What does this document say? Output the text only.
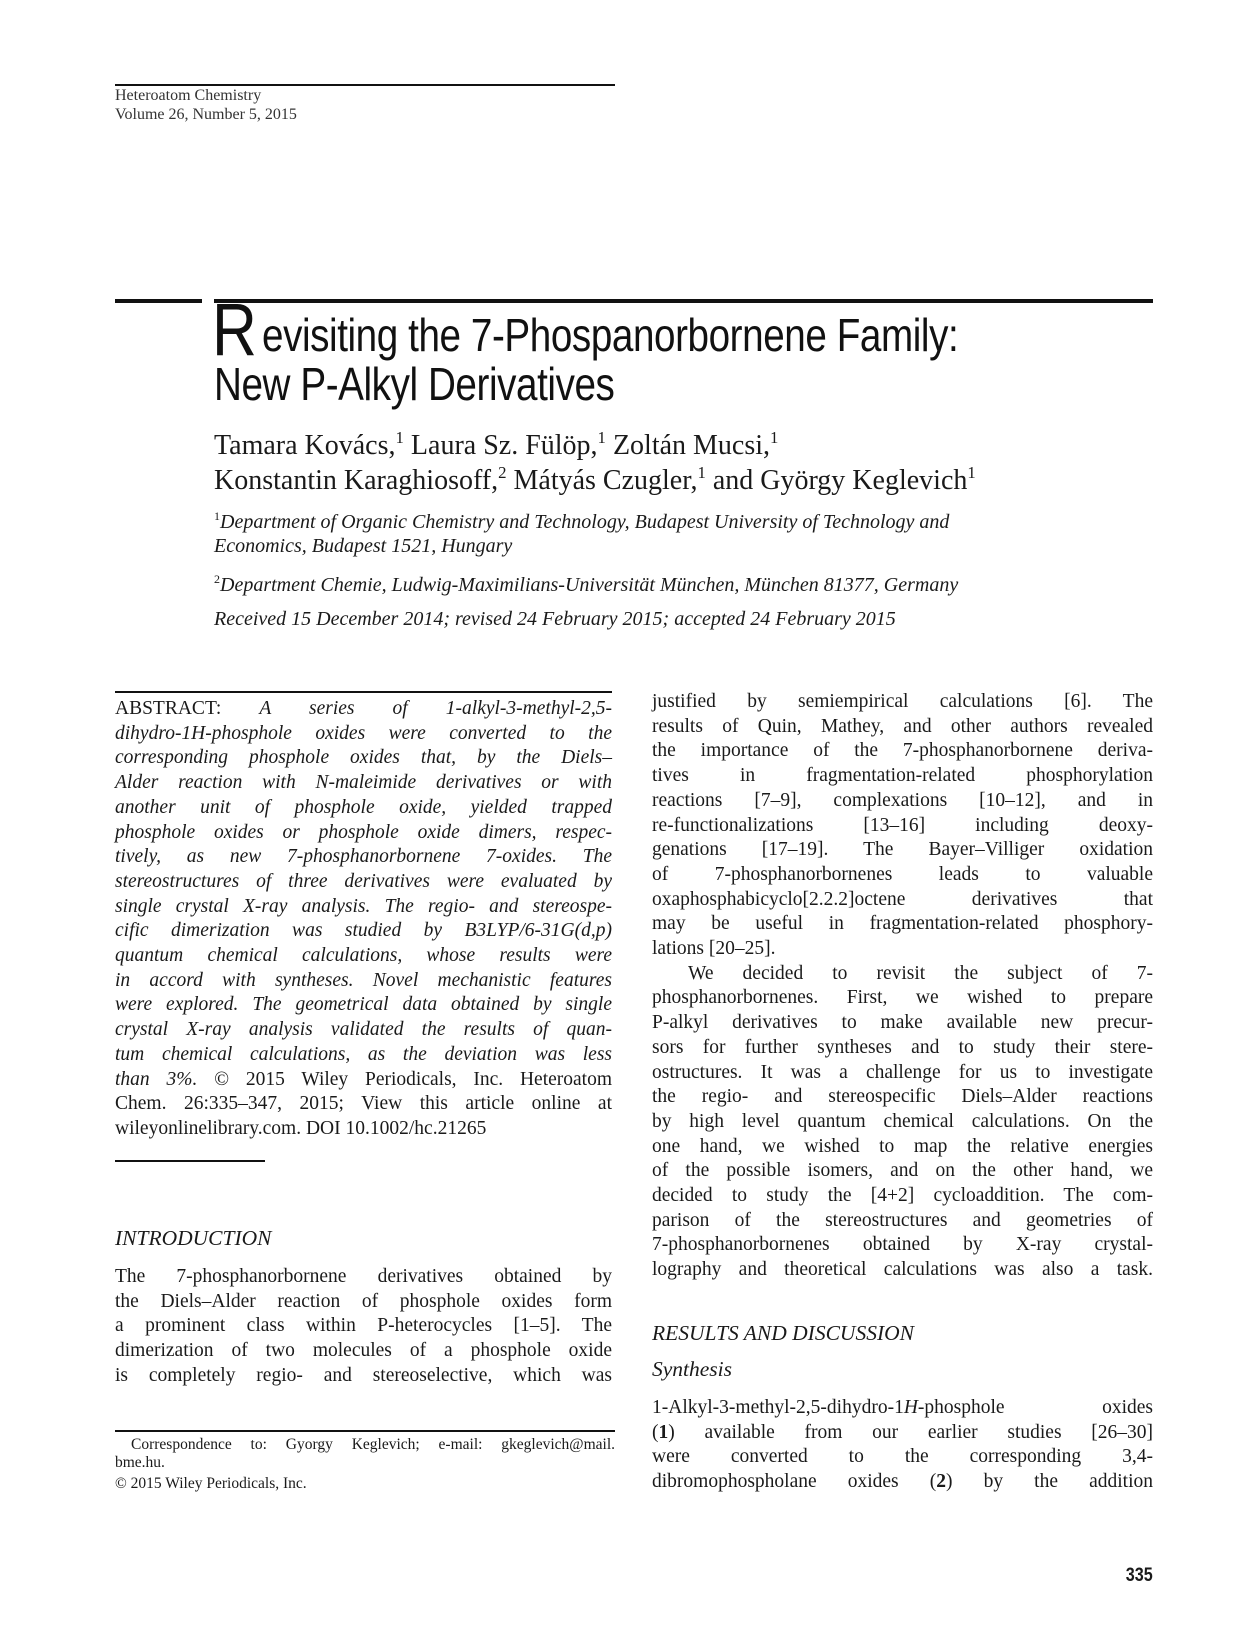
Heteroatom Chemistry
Volume 26, Number 5, 2015
R evisiting the 7-Phospanorbornene Family:
New P-Alkyl Derivatives
Tamara Kovács,$^1$ Laura Sz. Fülöp,$^1$ Zoltán Mucsi,$^1$
Konstantin Karaghiosoff,$^2$ Mátyás Czugler,$^1$ and György Keglevich$^1$
$^1$Department of Organic Chemistry and Technology, Budapest University of Technology and
Economics, Budapest 1521, Hungary
$^2$Department Chemie, Ludwig-Maximilians-Universität München, München 81377, Germany
Received 15 December 2014; revised 24 February 2015; accepted 24 February 2015
ABSTRACT: A series of 1-alkyl-3-methyl-2,5-
dihydro-1H-phosphole oxides were converted to the
corresponding phosphole oxides that, by the Diels–
Alder reaction with N-maleimide derivatives or with
another unit of phosphole oxide, yielded trapped
phosphole oxides or phosphole oxide dimers, respec-
tively, as new 7-phosphanorbornene 7-oxides. The
stereostructures of three derivatives were evaluated by
single crystal X-ray analysis. The regio- and stereospe-
cific dimerization was studied by B3LYP/6-31G(d,p)
quantum chemical calculations, whose results were
in accord with syntheses. Novel mechanistic features
were explored. The geometrical data obtained by single
crystal X-ray analysis validated the results of quan-
tum chemical calculations, as the deviation was less
than 3%. © 2015 Wiley Periodicals, Inc. Heteroatom
Chem. 26:335–347, 2015; View this article online at
wileyonlinelibrary.com. DOI 10.1002/hc.21265
INTRODUCTION
The 7-phosphanorbornene derivatives obtained by
the Diels–Alder reaction of phosphole oxides form
a prominent class within P-heterocycles [1–5]. The
dimerization of two molecules of a phosphole oxide
is completely regio- and stereoselective, which was
Correspondence to: Gyorgy Keglevich; e-mail: gkeglevich@mail.
bme.hu.
© 2015 Wiley Periodicals, Inc.
justified by semiempirical calculations [6]. The
results of Quin, Mathey, and other authors revealed
the importance of the 7-phosphanorbornene deriva-
tives in fragmentation-related phosphorylation
reactions [7–9], complexations [10–12], and in
re-functionalizations [13–16] including deoxy-
genations [17–19]. The Bayer–Villiger oxidation
of 7-phosphanorbornenes leads to valuable
oxaphosphabicyclo[2.2.2]octene derivatives that
may be useful in fragmentation-related phosphory-
lations [20–25].
We decided to revisit the subject of 7-
phosphanorbornenes. First, we wished to prepare
P-alkyl derivatives to make available new precur-
sors for further syntheses and to study their stere-
ostructures. It was a challenge for us to investigate
the regio- and stereospecific Diels–Alder reactions
by high level quantum chemical calculations. On the
one hand, we wished to map the relative energies
of the possible isomers, and on the other hand, we
decided to study the [4+2] cycloaddition. The com-
parison of the stereostructures and geometries of
7-phosphanorbornenes obtained by X-ray crystal-
lography and theoretical calculations was also a task.
RESULTS AND DISCUSSION
Synthesis
1-Alkyl-3-methyl-2,5-dihydro-1H-phosphole oxides
(1) available from our earlier studies [26–30]
were converted to the corresponding 3,4-
dibromophospholane oxides (2) by the addition
335
